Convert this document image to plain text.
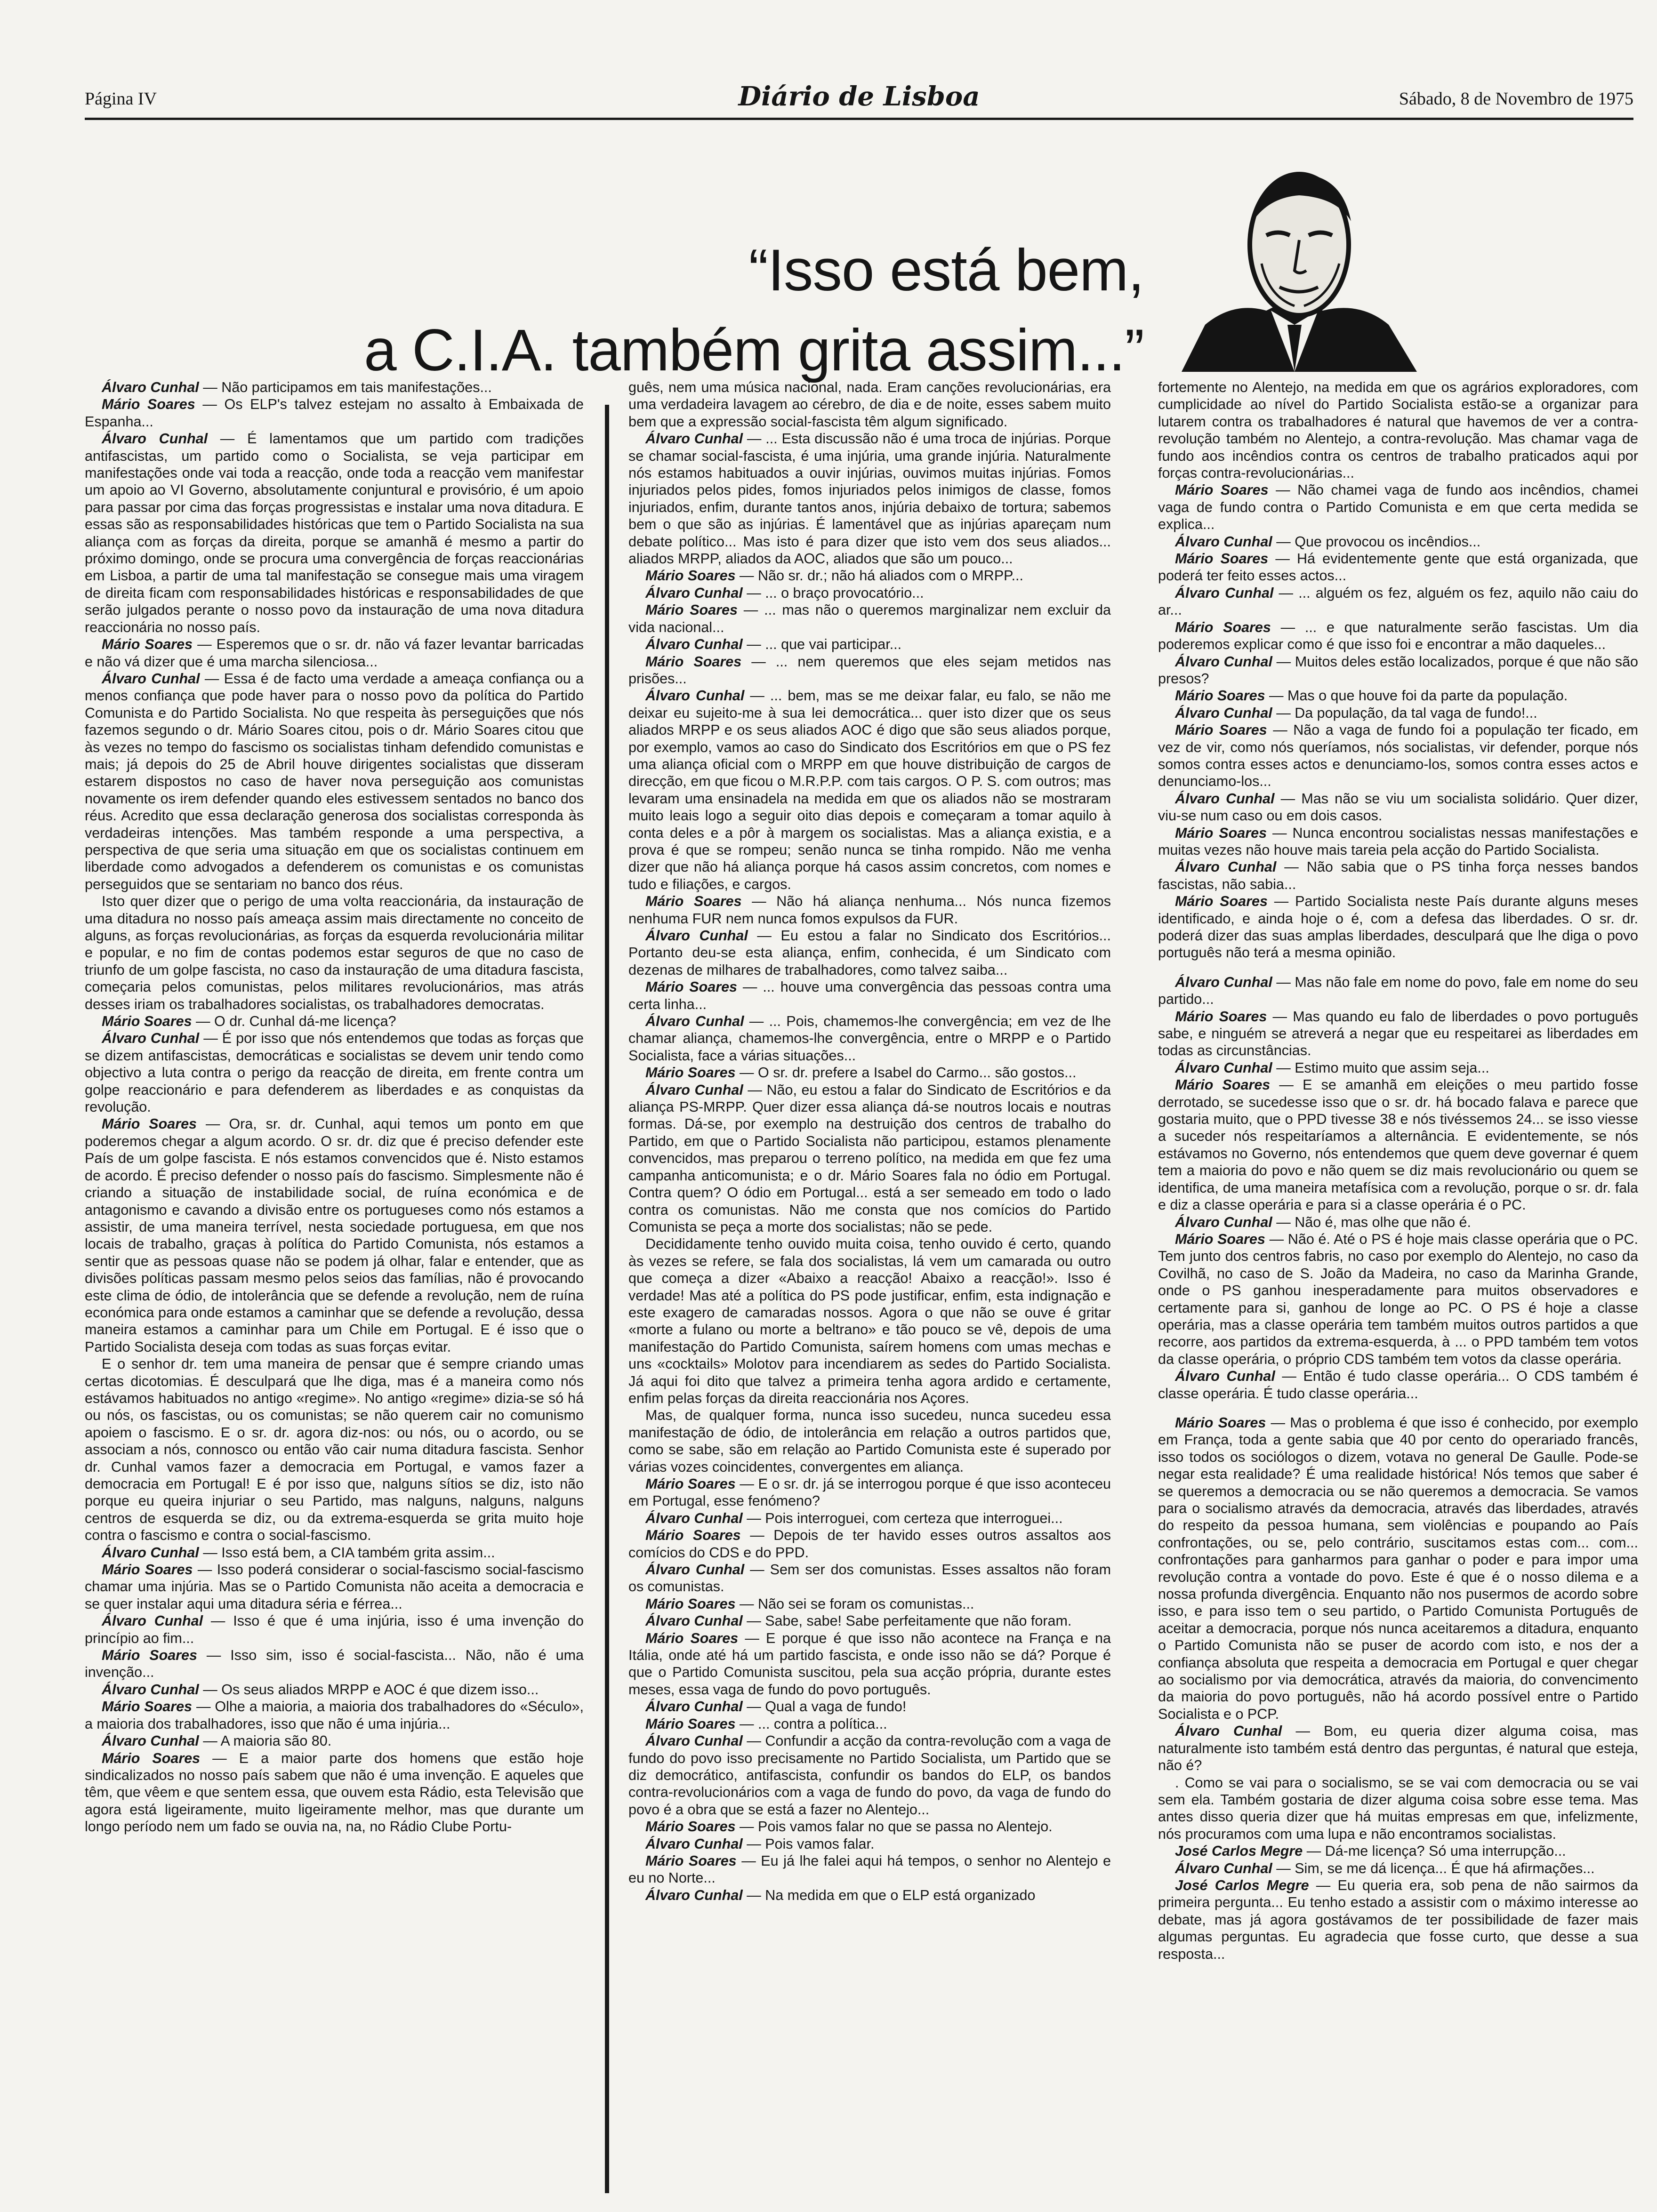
Página IV	Diário de Lisboa	Sábado, 8 de Novembro de 1975
“Isso está bem,
a C.I.A. também grita assim...”

Álvaro Cunhal — Não participamos em tais manifestações...

Mário Soares — Os ELP's talvez estejam no assalto à Embaixada de Espanha...

Álvaro Cunhal — É lamentamos que um partido com tradições antifascistas, um partido como o Socialista, se veja participar em manifestações onde vai toda a reacção, onde toda a reacção vem manifestar um apoio ao VI Governo, absolutamente conjuntural e provisório, é um apoio para passar por cima das forças progressistas e instalar uma nova ditadura. E essas são as responsabilidades históricas que tem o Partido Socialista na sua aliança com as forças da direita, porque se amanhã é mesmo a partir do próximo domingo, onde se procura uma convergência de forças reaccionárias em Lisboa, a partir de uma tal manifestação se consegue mais uma viragem de direita ficam com responsabilidades históricas e responsabilidades de que serão julgados perante o nosso povo da instauração de uma nova ditadura reaccionária no nosso país.

Mário Soares — Esperemos que o sr. dr. não vá fazer levantar barricadas e não vá dizer que é uma marcha silenciosa...

Álvaro Cunhal — Essa é de facto uma verdade a ameaça confiança ou a menos confiança que pode haver para o nosso povo da política do Partido Comunista e do Partido Socialista. No que respeita às perseguições que nós fazemos segundo o dr. Mário Soares citou, pois o dr. Mário Soares citou que às vezes no tempo do fascismo os socialistas tinham defendido comunistas e mais; já depois do 25 de Abril houve dirigentes socialistas que disseram estarem dispostos no caso de haver nova perseguição aos comunistas novamente os irem defender quando eles estivessem sentados no banco dos réus. Acredito que essa declaração generosa dos socialistas corresponda às verdadeiras intenções. Mas também responde a uma perspectiva, a perspectiva de que seria uma situação em que os socialistas continuem em liberdade como advogados a defenderem os comunistas e os comunistas perseguidos que se sentariam no banco dos réus.

Isto quer dizer que o perigo de uma volta reaccionária, da instauração de uma ditadura no nosso país ameaça assim mais directamente no conceito de alguns, as forças revolucionárias, as forças da esquerda revolucionária militar e popular, e no fim de contas podemos estar seguros de que no caso de triunfo de um golpe fascista, no caso da instauração de uma ditadura fascista, começaria pelos comunistas, pelos militares revolucionários, mas atrás desses iriam os trabalhadores socialistas, os trabalhadores democratas.

Mário Soares — O dr. Cunhal dá-me licença?

Álvaro Cunhal — É por isso que nós entendemos que todas as forças que se dizem antifascistas, democráticas e socialistas se devem unir tendo como objectivo a luta contra o perigo da reacção de direita, em frente contra um golpe reaccionário e para defenderem as liberdades e as conquistas da revolução.

Mário Soares — Ora, sr. dr. Cunhal, aqui temos um ponto em que poderemos chegar a algum acordo. O sr. dr. diz que é preciso defender este País de um golpe fascista. E nós estamos convencidos que é. Nisto estamos de acordo. É preciso defender o nosso país do fascismo. Simplesmente não é criando a situação de instabilidade social, de ruína económica e de antagonismo e cavando a divisão entre os portugueses como nós estamos a assistir, de uma maneira terrível, nesta sociedade portuguesa, em que nos locais de trabalho, graças à política do Partido Comunista, nós estamos a sentir que as pessoas quase não se podem já olhar, falar e entender, que as divisões políticas passam mesmo pelos seios das famílias, não é provocando este clima de ódio, de intolerância que se defende a revolução, nem de ruína económica para onde estamos a caminhar que se defende a revolução, dessa maneira estamos a caminhar para um Chile em Portugal. E é isso que o Partido Socialista deseja com todas as suas forças evitar.

E o senhor dr. tem uma maneira de pensar que é sempre criando umas certas dicotomias. É desculpará que lhe diga, mas é a maneira como nós estávamos habituados no antigo «regime». No antigo «regime» dizia-se só há ou nós, os fascistas, ou os comunistas; se não querem cair no comunismo apoiem o fascismo. E o sr. dr. agora diz-nos: ou nós, ou o acordo, ou se associam a nós, connosco ou então vão cair numa ditadura fascista. Senhor dr. Cunhal vamos fazer a democracia em Portugal, e vamos fazer a democracia em Portugal! E é por isso que, nalguns sítios se diz, isto não porque eu queira injuriar o seu Partido, mas nalguns, nalguns, nalguns centros de esquerda se diz, ou da extrema-esquerda se grita muito hoje contra o fascismo e contra o social-fascismo.

Álvaro Cunhal — Isso está bem, a CIA também grita assim...

Mário Soares — Isso poderá considerar o social-fascismo social-fascismo chamar uma injúria. Mas se o Partido Comunista não aceita a democracia e se quer instalar aqui uma ditadura séria e férrea...

Álvaro Cunhal — Isso é que é uma injúria, isso é uma invenção do princípio ao fim...

Mário Soares — Isso sim, isso é social-fascista... Não, não é uma invenção...

Álvaro Cunhal — Os seus aliados MRPP e AOC é que dizem isso...

Mário Soares — Olhe a maioria, a maioria dos trabalhadores do «Século», a maioria dos trabalhadores, isso que não é uma injúria...

Álvaro Cunhal — A maioria são 80.

Mário Soares — E a maior parte dos homens que estão hoje sindicalizados no nosso país sabem que não é uma invenção. E aqueles que têm, que vêem e que sentem essa, que ouvem esta Rádio, esta Televisão que agora está ligeiramente, muito ligeiramente melhor, mas que durante um longo período nem um fado se ouvia na, na, no Rádio Clube Portu-

guês, nem uma música nacional, nada. Eram canções revolucionárias, era uma verdadeira lavagem ao cérebro, de dia e de noite, esses sabem muito bem que a expressão social-fascista têm algum significado.

Álvaro Cunhal — ... Esta discussão não é uma troca de injúrias. Porque se chamar social-fascista, é uma injúria, uma grande injúria. Naturalmente nós estamos habituados a ouvir injúrias, ouvimos muitas injúrias. Fomos injuriados pelos pides, fomos injuriados pelos inimigos de classe, fomos injuriados, enfim, durante tantos anos, injúria debaixo de tortura; sabemos bem o que são as injúrias. É lamentável que as injúrias apareçam num debate político... Mas isto é para dizer que isto vem dos seus aliados... aliados MRPP, aliados da AOC, aliados que são um pouco...

Mário Soares — Não sr. dr.; não há aliados com o MRPP...

Álvaro Cunhal — ... o braço provocatório...

Mário Soares — ... mas não o queremos marginalizar nem excluir da vida nacional...

Álvaro Cunhal — ... que vai participar...

Mário Soares — ... nem queremos que eles sejam metidos nas prisões...

Álvaro Cunhal — ... bem, mas se me deixar falar, eu falo, se não me deixar eu sujeito-me à sua lei democrática... quer isto dizer que os seus aliados MRPP e os seus aliados AOC é digo que são seus aliados porque, por exemplo, vamos ao caso do Sindicato dos Escritórios em que o PS fez uma aliança oficial com o MRPP em que houve distribuição de cargos de direcção, em que ficou o M.R.P.P. com tais cargos. O P. S. com outros; mas levaram uma ensinadela na medida em que os aliados não se mostraram muito leais logo a seguir oito dias depois e começaram a tomar aquilo à conta deles e a pôr à margem os socialistas. Mas a aliança existia, e a prova é que se rompeu; senão nunca se tinha rompido. Não me venha dizer que não há aliança porque há casos assim concretos, com nomes e tudo e filiações, e cargos.

Mário Soares — Não há aliança nenhuma... Nós nunca fizemos nenhuma FUR nem nunca fomos expulsos da FUR.

Álvaro Cunhal — Eu estou a falar no Sindicato dos Escritórios... Portanto deu-se esta aliança, enfim, conhecida, é um Sindicato com dezenas de milhares de trabalhadores, como talvez saiba...

Mário Soares — ... houve uma convergência das pessoas contra uma certa linha...

Álvaro Cunhal — ... Pois, chamemos-lhe convergência; em vez de lhe chamar aliança, chamemos-lhe convergência, entre o MRPP e o Partido Socialista, face a várias situações...

Mário Soares — O sr. dr. prefere a Isabel do Carmo... são gostos...

Álvaro Cunhal — Não, eu estou a falar do Sindicato de Escritórios e da aliança PS-MRPP. Quer dizer essa aliança dá-se noutros locais e noutras formas. Dá-se, por exemplo na destruição dos centros de trabalho do Partido, em que o Partido Socialista não participou, estamos plenamente convencidos, mas preparou o terreno político, na medida em que fez uma campanha anticomunista; e o dr. Mário Soares fala no ódio em Portugal. Contra quem? O ódio em Portugal... está a ser semeado em todo o lado contra os comunistas. Não me consta que nos comícios do Partido Comunista se peça a morte dos socialistas; não se pede.

Decididamente tenho ouvido muita coisa, tenho ouvido é certo, quando às vezes se refere, se fala dos socialistas, lá vem um camarada ou outro que começa a dizer «Abaixo a reacção! Abaixo a reacção!». Isso é verdade! Mas até a política do PS pode justificar, enfim, esta indignação e este exagero de camaradas nossos. Agora o que não se ouve é gritar «morte a fulano ou morte a beltrano» e tão pouco se vê, depois de uma manifestação do Partido Comunista, saírem homens com umas mechas e uns «cocktails» Molotov para incendiarem as sedes do Partido Socialista. Já aqui foi dito que talvez a primeira tenha agora ardido e certamente, enfim pelas forças da direita reaccionária nos Açores.

Mas, de qualquer forma, nunca isso sucedeu, nunca sucedeu essa manifestação de ódio, de intolerância em relação a outros partidos que, como se sabe, são em relação ao Partido Comunista este é superado por várias vozes coincidentes, convergentes em aliança.

Mário Soares — E o sr. dr. já se interrogou porque é que isso aconteceu em Portugal, esse fenómeno?

Álvaro Cunhal — Pois interroguei, com certeza que interroguei...

Mário Soares — Depois de ter havido esses outros assaltos aos comícios do CDS e do PPD.

Álvaro Cunhal — Sem ser dos comunistas. Esses assaltos não foram os comunistas.

Mário Soares — Não sei se foram os comunistas...

Álvaro Cunhal — Sabe, sabe! Sabe perfeitamente que não foram.

Mário Soares — E porque é que isso não acontece na França e na Itália, onde até há um partido fascista, e onde isso não se dá? Porque é que o Partido Comunista suscitou, pela sua acção própria, durante estes meses, essa vaga de fundo do povo português.

Álvaro Cunhal — Qual a vaga de fundo!

Mário Soares — ... contra a política...

Álvaro Cunhal — Confundir a acção da contra-revolução com a vaga de fundo do povo isso precisamente no Partido Socialista, um Partido que se diz democrático, antifascista, confundir os bandos do ELP, os bandos contra-revolucionários com a vaga de fundo do povo, da vaga de fundo do povo é a obra que se está a fazer no Alentejo...

Mário Soares — Pois vamos falar no que se passa no Alentejo.

Álvaro Cunhal — Pois vamos falar.

Mário Soares — Eu já lhe falei aqui há tempos, o senhor no Alentejo e eu no Norte...

Álvaro Cunhal — Na medida em que o ELP está organizado

fortemente no Alentejo, na medida em que os agrários exploradores, com cumplicidade ao nível do Partido Socialista estão-se a organizar para lutarem contra os trabalhadores é natural que havemos de ver a contra-revolução também no Alentejo, a contra-revolução. Mas chamar vaga de fundo aos incêndios contra os centros de trabalho praticados aqui por forças contra-revolucionárias...

Mário Soares — Não chamei vaga de fundo aos incêndios, chamei vaga de fundo contra o Partido Comunista e em que certa medida se explica...

Álvaro Cunhal — Que provocou os incêndios...

Mário Soares — Há evidentemente gente que está organizada, que poderá ter feito esses actos...

Álvaro Cunhal — ... alguém os fez, alguém os fez, aquilo não caiu do ar...

Mário Soares — ... e que naturalmente serão fascistas. Um dia poderemos explicar como é que isso foi e encontrar a mão daqueles...

Álvaro Cunhal — Muitos deles estão localizados, porque é que não são presos?

Mário Soares — Mas o que houve foi da parte da população.

Álvaro Cunhal — Da população, da tal vaga de fundo!...

Mário Soares — Não a vaga de fundo foi a população ter ficado, em vez de vir, como nós queríamos, nós socialistas, vir defender, porque nós somos contra esses actos e denunciamo-los, somos contra esses actos e denunciamo-los...

Álvaro Cunhal — Mas não se viu um socialista solidário. Quer dizer, viu-se num caso ou em dois casos.

Mário Soares — Nunca encontrou socialistas nessas manifestações e muitas vezes não houve mais tareia pela acção do Partido Socialista.

Álvaro Cunhal — Não sabia que o PS tinha força nesses bandos fascistas, não sabia...

Mário Soares — Partido Socialista neste País durante alguns meses identificado, e ainda hoje o é, com a defesa das liberdades. O sr. dr. poderá dizer das suas amplas liberdades, desculpará que lhe diga o povo português não terá a mesma opinião.

Álvaro Cunhal — Mas não fale em nome do povo, fale em nome do seu partido...

Mário Soares — Mas quando eu falo de liberdades o povo português sabe, e ninguém se atreverá a negar que eu respeitarei as liberdades em todas as circunstâncias.

Álvaro Cunhal — Estimo muito que assim seja...

Mário Soares — E se amanhã em eleições o meu partido fosse derrotado, se sucedesse isso que o sr. dr. há bocado falava e parece que gostaria muito, que o PPD tivesse 38 e nós tivéssemos 24... se isso viesse a suceder nós respeitaríamos a alternância. E evidentemente, se nós estávamos no Governo, nós entendemos que quem deve governar é quem tem a maioria do povo e não quem se diz mais revolucionário ou quem se identifica, de uma maneira metafísica com a revolução, porque o sr. dr. fala e diz a classe operária e para si a classe operária é o PC.

Álvaro Cunhal — Não é, mas olhe que não é.

Mário Soares — Não é. Até o PS é hoje mais classe operária que o PC. Tem junto dos centros fabris, no caso por exemplo do Alentejo, no caso da Covilhã, no caso de S. João da Madeira, no caso da Marinha Grande, onde o PS ganhou inesperadamente para muitos observadores e certamente para si, ganhou de longe ao PC. O PS é hoje a classe operária, mas a classe operária tem também muitos outros partidos a que recorre, aos partidos da extrema-esquerda, à ... o PPD também tem votos da classe operária, o próprio CDS também tem votos da classe operária.

Álvaro Cunhal — Então é tudo classe operária... O CDS também é classe operária. É tudo classe operária...

Mário Soares — Mas o problema é que isso é conhecido, por exemplo em França, toda a gente sabia que 40 por cento do operariado francês, isso todos os sociólogos o dizem, votava no general De Gaulle. Pode-se negar esta realidade? É uma realidade histórica! Nós temos que saber é se queremos a democracia ou se não queremos a democracia. Se vamos para o socialismo através da democracia, através das liberdades, através do respeito da pessoa humana, sem violências e poupando ao País confrontações, ou se, pelo contrário, suscitamos estas com... com... confrontações para ganharmos para ganhar o poder e para impor uma revolução contra a vontade do povo. Este é que é o nosso dilema e a nossa profunda divergência. Enquanto não nos pusermos de acordo sobre isso, e para isso tem o seu partido, o Partido Comunista Português de aceitar a democracia, porque nós nunca aceitaremos a ditadura, enquanto o Partido Comunista não se puser de acordo com isto, e nos der a confiança absoluta que respeita a democracia em Portugal e quer chegar ao socialismo por via democrática, através da maioria, do convencimento da maioria do povo português, não há acordo possível entre o Partido Socialista e o PCP.

Álvaro Cunhal — Bom, eu queria dizer alguma coisa, mas naturalmente isto também está dentro das perguntas, é natural que esteja, não é?

. Como se vai para o socialismo, se se vai com democracia ou se vai sem ela. Também gostaria de dizer alguma coisa sobre esse tema. Mas antes disso queria dizer que há muitas empresas em que, infelizmente, nós procuramos com uma lupa e não encontramos socialistas.

José Carlos Megre — Dá-me licença? Só uma interrupção...

Álvaro Cunhal — Sim, se me dá licença... É que há afirmações...

José Carlos Megre — Eu queria era, sob pena de não sairmos da primeira pergunta... Eu tenho estado a assistir com o máximo interesse ao debate, mas já agora gostávamos de ter possibilidade de fazer mais algumas perguntas. Eu agradecia que fosse curto, que desse a sua resposta...
